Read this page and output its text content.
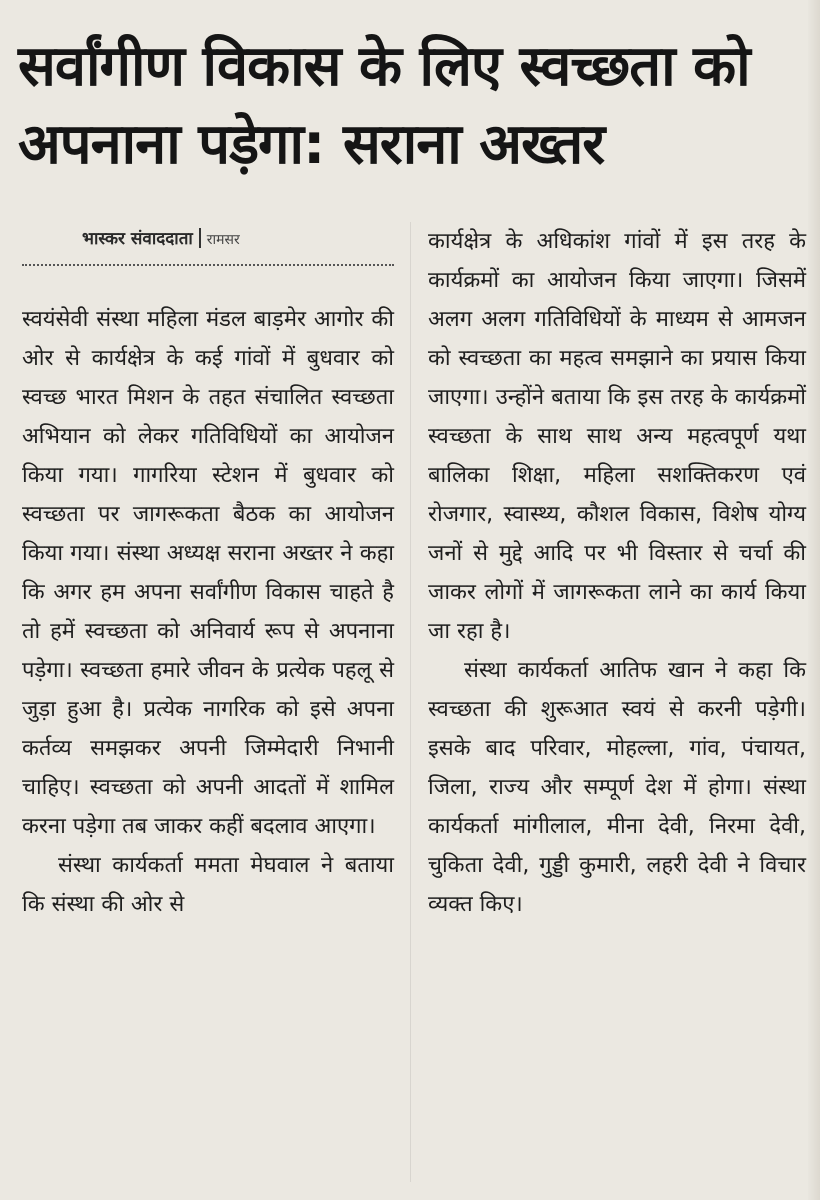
सर्वांगीण विकास के लिए स्वच्छता को अपनाना पड़ेगा: सराना अख्तर
भास्कर संवाददाता रामसर

स्वयंसेवी संस्था महिला मंडल बाड़मेर आगोर की ओर से कार्यक्षेत्र के कई गांवों में बुधवार को स्वच्छ भारत मिशन के तहत संचालित स्वच्छता अभियान को लेकर गतिविधियों का आयोजन किया गया। गागरिया स्टेशन में बुधवार को स्वच्छता पर जागरूकता बैठक का आयोजन किया गया। संस्था अध्यक्ष सराना अख्तर ने कहा कि अगर हम अपना सर्वांगीण विकास चाहते है तो हमें स्वच्छता को अनिवार्य रूप से अपनाना पड़ेगा। स्वच्छता हमारे जीवन के प्रत्येक पहलू से जुड़ा हुआ है। प्रत्येक नागरिक को इसे अपना कर्तव्य समझकर अपनी जिम्मेदारी निभानी चाहिए। स्वच्छता को अपनी आदतों में शामिल करना पड़ेगा तब जाकर कहीं बदलाव आएगा।

संस्था कार्यकर्ता ममता मेघवाल ने बताया कि संस्था की ओर से

कार्यक्षेत्र के अधिकांश गांवों में इस तरह के कार्यक्रमों का आयोजन किया जाएगा। जिसमें अलग अलग गतिविधियों के माध्यम से आमजन को स्वच्छता का महत्व समझाने का प्रयास किया जाएगा। उन्होंने बताया कि इस तरह के कार्यक्रमों स्वच्छता के साथ साथ अन्य महत्वपूर्ण यथा बालिका शिक्षा, महिला सशक्तिकरण एवं रोजगार, स्वास्थ्य, कौशल विकास, विशेष योग्य जनों से मुद्दे आदि पर भी विस्तार से चर्चा की जाकर लोगों में जागरूकता लाने का कार्य किया जा रहा है।

संस्था कार्यकर्ता आतिफ खान ने कहा कि स्वच्छता की शुरूआत स्वयं से करनी पड़ेगी। इसके बाद परिवार, मोहल्ला, गांव, पंचायत, जिला, राज्य और सम्पूर्ण देश में होगा। संस्था कार्यकर्ता मांगीलाल, मीना देवी, निरमा देवी, चुकिता देवी, गुड्डी कुमारी, लहरी देवी ने विचार व्यक्त किए।
